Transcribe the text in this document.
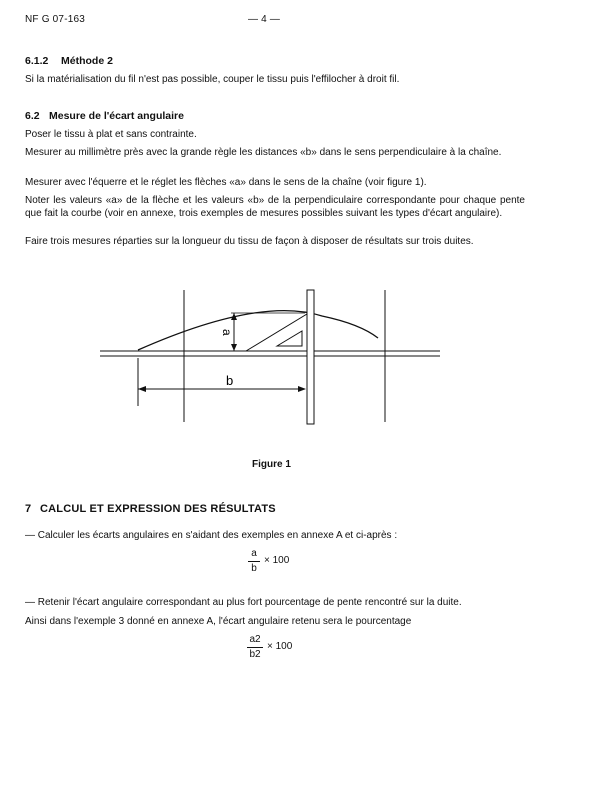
NF G 07-163	— 4 —
6.1.2 Méthode 2
Si la matérialisation du fil n'est pas possible, couper le tissu puis l'effilocher à droit fil.
6.2 Mesure de l'écart angulaire
Poser le tissu à plat et sans contrainte.
Mesurer au millimètre près avec la grande règle les distances «b» dans le sens perpendiculaire à la chaîne.
Mesurer avec l'équerre et le réglet les flèches «a» dans le sens de la chaîne (voir figure 1).
Noter les valeurs «a» de la flèche et les valeurs «b» de la perpendiculaire correspondante pour chaque pente que fait la courbe (voir en annexe, trois exemples de mesures possibles suivant les types d'écart angulaire).
Faire trois mesures réparties sur la longueur du tissu de façon à disposer de résultats sur trois duites.
a
b
Figure 1
7 CALCUL ET EXPRESSION DES RÉSULTATS
— Calculer les écarts angulaires en s'aidant des exemples en annexe A et ci-après :
a
b
× 100
— Retenir l'écart angulaire correspondant au plus fort pourcentage de pente rencontré sur la duite.
Ainsi dans l'exemple 3 donné en annexe A, l'écart angulaire retenu sera le pourcentage
a2
b2
× 100
